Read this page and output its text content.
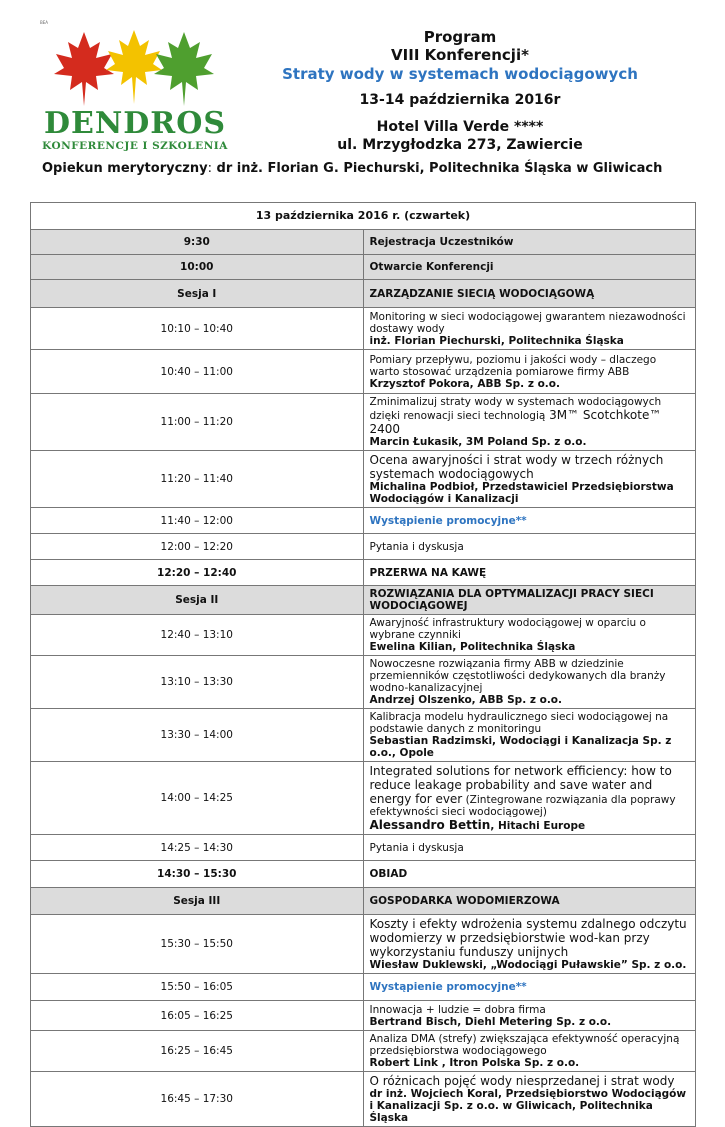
BEA
DENDROS
KONFERENCJE I SZKOLENIA
Program
VIII Konferencji*
Straty wody w systemach wodociągowych
13-14 października 2016r
Hotel Villa Verde ****
ul. Mrzygłodzka 273, Zawiercie
Opiekun merytoryczny: dr inż. Florian G. Piechurski, Politechnika Śląska w Gliwicach
13 października 2016 r. (czwartek)	
9:30	Rejestracja Uczestników
10:00	Otwarcie Konferencji
Sesja I	ZARZĄDZANIE SIECIĄ WODOCIĄGOWĄ
10:10 – 10:40	Monitoring w sieci wodociągowej gwarantem niezawodności dostawy wody
inż. Florian Piechurski, Politechnika Śląska

10:40 – 11:00	Pomiary przepływu, poziomu i jakości wody – dlaczego warto stosować urządzenia pomiarowe firmy ABB
Krzysztof Pokora, ABB Sp. z o.o.

11:00 – 11:20	Zminimalizuj straty wody w systemach wodociągowych dzięki renowacji sieci technologią 3M™ Scotchkote™ 2400
Marcin Łukasik, 3M Poland Sp. z o.o.

11:20 – 11:40	Ocena awaryjności i strat wody w trzech różnych systemach wodociągowych
Michalina Podbioł, Przedstawiciel Przedsiębiorstwa Wodociągów i Kanalizacji

11:40 – 12:00	Wystąpienie promocyjne**
12:00 – 12:20	Pytania i dyskusja
12:20 – 12:40	PRZERWA NA KAWĘ
Sesja II	ROZWIĄZANIA DLA OPTYMALIZACJI PRACY SIECI WODOCIĄGOWEJ
12:40 – 13:10	Awaryjność infrastruktury wodociągowej w oparciu o wybrane czynniki
Ewelina Kilian, Politechnika Śląska

13:10 – 13:30	Nowoczesne rozwiązania firmy ABB w dziedzinie przemienników częstotliwości dedykowanych dla branży wodno-kanalizacyjnej
Andrzej Olszenko, ABB Sp. z o.o.

13:30 – 14:00	Kalibracja modelu hydraulicznego sieci wodociągowej na podstawie danych z monitoringu
Sebastian Radzimski, Wodociągi i Kanalizacja Sp. z o.o., Opole

14:00 – 14:25	Integrated solutions for network efficiency: how to reduce leakage probability and save water and energy for ever (Zintegrowane rozwiązania dla poprawy efektywności sieci wodociągowej)
Alessandro Bettin, Hitachi Europe

14:25 – 14:30	Pytania i dyskusja
14:30 – 15:30	OBIAD
Sesja III	GOSPODARKA WODOMIERZOWA
15:30 – 15:50	Koszty i efekty wdrożenia systemu zdalnego odczytu wodomierzy w przedsiębiorstwie wod-kan przy wykorzystaniu funduszy unijnych
Wiesław Duklewski, „Wodociągi Puławskie” Sp. z o.o.

15:50 – 16:05	Wystąpienie promocyjne**
16:05 – 16:25	Innowacja + ludzie = dobra firma
Bertrand Bisch, Diehl Metering Sp. z o.o.

16:25 – 16:45	Analiza DMA (strefy) zwiększająca efektywność operacyjną przedsiębiorstwa wodociągowego
Robert Link , Itron Polska Sp. z o.o.

16:45 – 17:30	O różnicach pojęć wody niesprzedanej i strat wody
dr inż. Wojciech Koral, Przedsiębiorstwo Wodociągów i Kanalizacji Sp. z o.o. w Gliwicach, Politechnika Śląska
